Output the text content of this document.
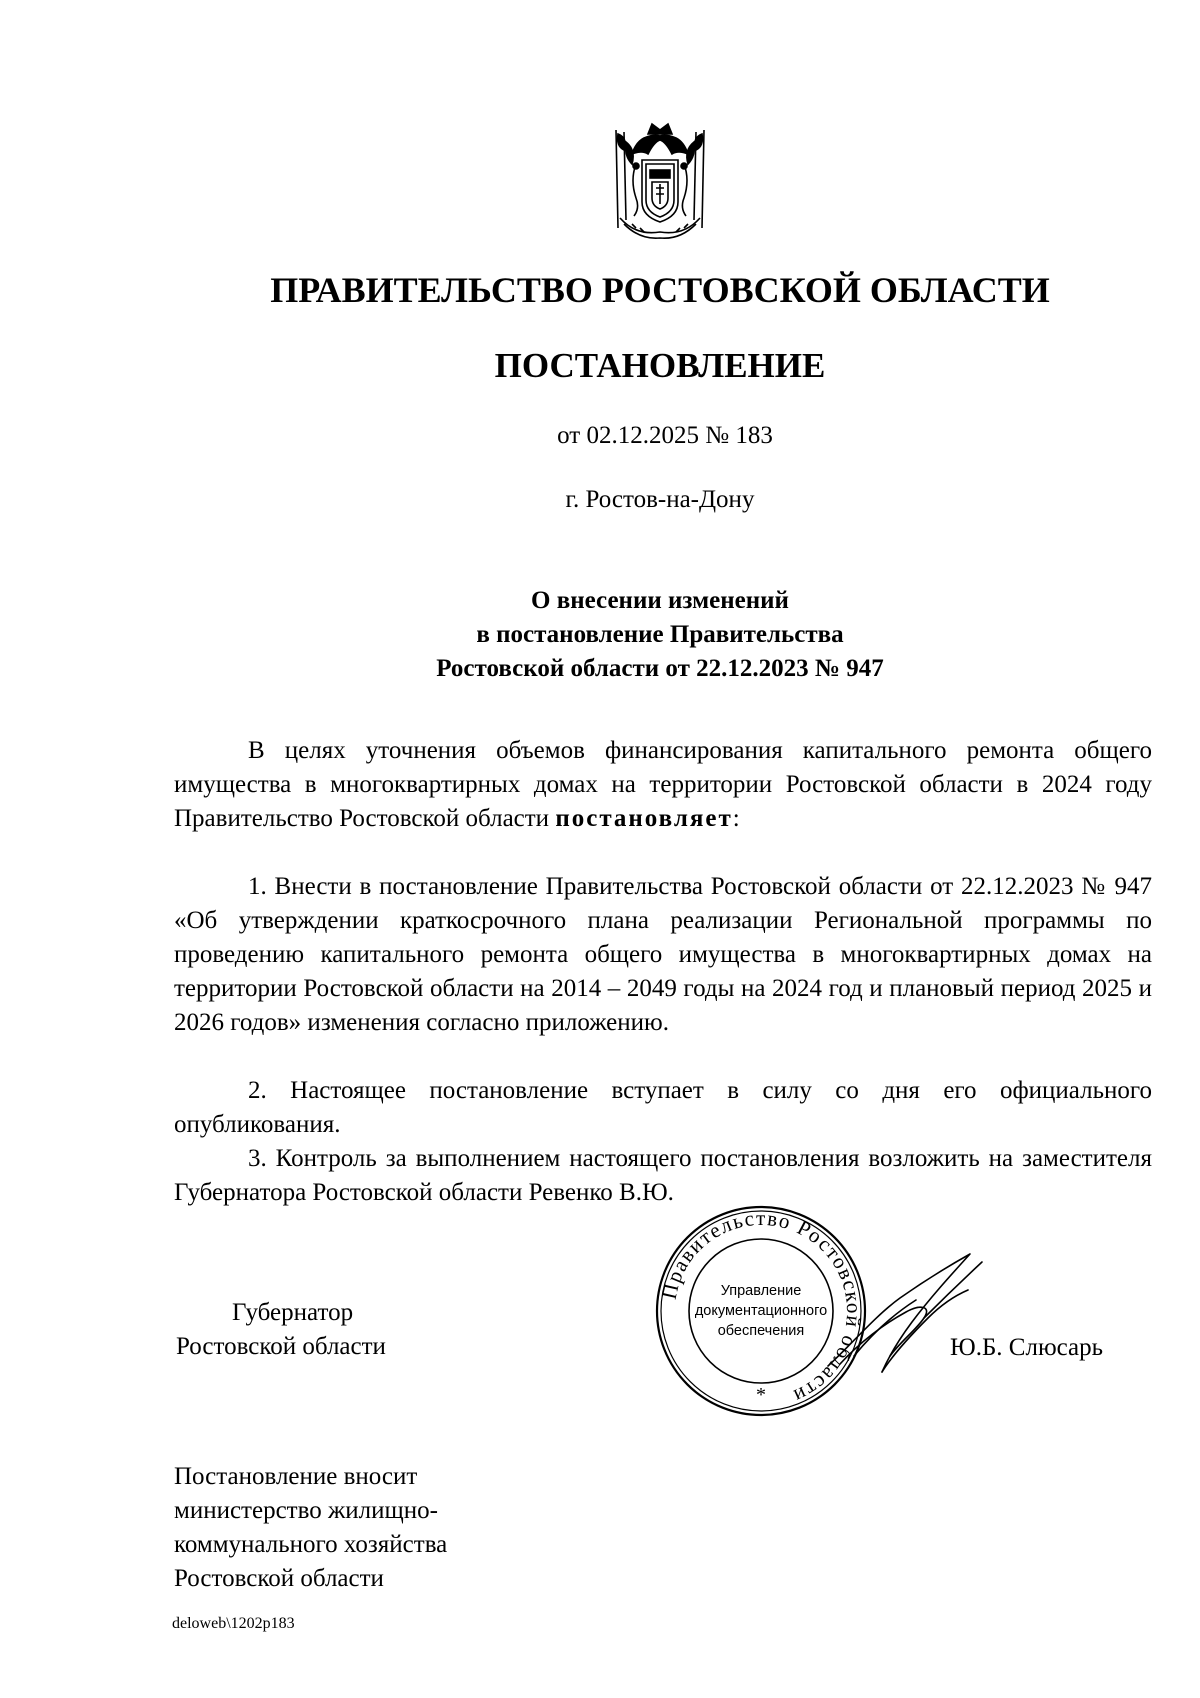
ПРАВИТЕЛЬСТВО РОСТОВСКОЙ ОБЛАСТИ
ПОСТАНОВЛЕНИЕ
от 02.12.2025 № 183
г. Ростов-на-Дону
О внесении изменений
в постановление Правительства
Ростовской области от 22.12.2023 № 947
В целях уточнения объемов финансирования капитального ремонта общего имущества в многоквартирных домах на территории Ростовской области в 2024 году Правительство Ростовской области постановляет:
1. Внести в постановление Правительства Ростовской области от 22.12.2023 № 947 «Об утверждении краткосрочного плана реализации Региональной программы по проведению капитального ремонта общего имущества в многоквартирных домах на территории Ростовской области на 2014 – 2049 годы на 2024 год и плановый период 2025 и 2026 годов» изменения согласно приложению.
2. Настоящее постановление вступает в силу со дня его официального опубликования.
3. Контроль за выполнением настоящего постановления возложить на заместителя Губернатора Ростовской области Ревенко В.Ю.
Губернатор
Ростовской области
Правительство Ростовской области
Управление
документационного
обеспечения
*
Ю.Б. Слюсарь
Постановление вносит
министерство жилищно-
коммунального хозяйства
Ростовской области
deloweb\1202p183
